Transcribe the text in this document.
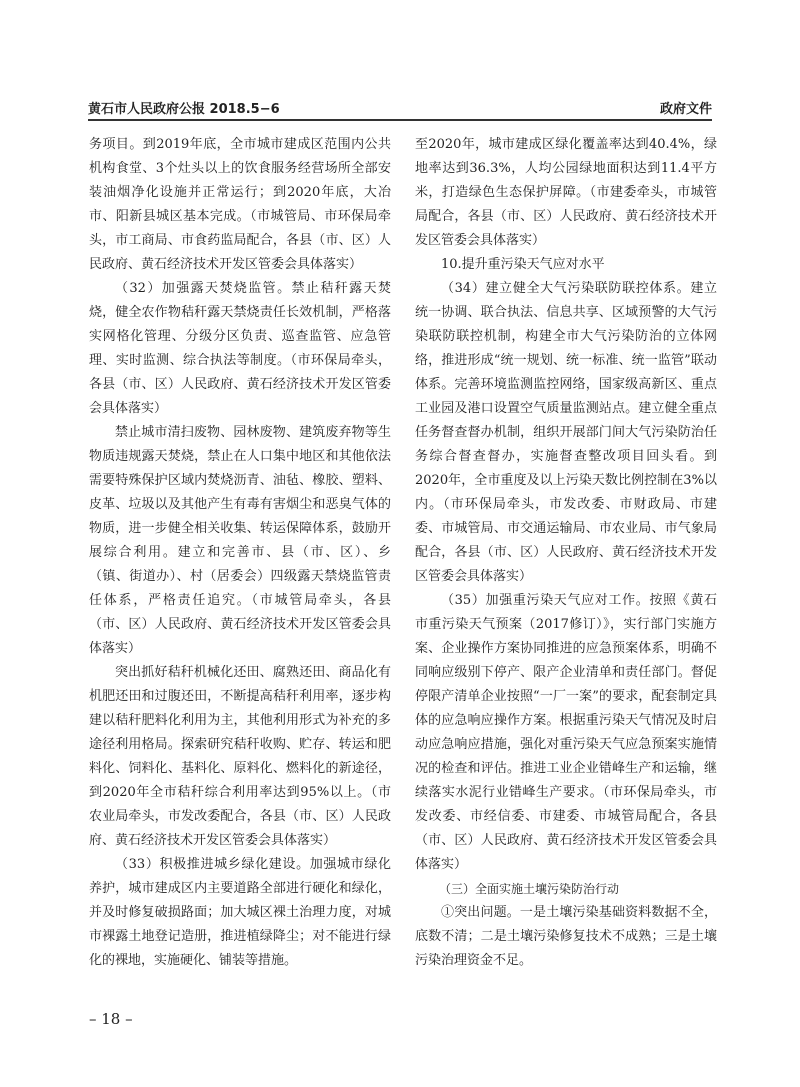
黄石市人民政府公报 2018.5−6	政府文件

务项目。到2019年底，全市城市建成区范围内公共机构食堂、3个灶头以上的饮食服务经营场所全部安装油烟净化设施并正常运行；到2020年底，大冶市、阳新县城区基本完成。（市城管局、市环保局牵头，市工商局、市食药监局配合，各县（市、区）人民政府、黄石经济技术开发区管委会具体落实）

（32）加强露天焚烧监管。禁止秸秆露天焚烧，健全农作物秸秆露天禁烧责任长效机制，严格落实网格化管理、分级分区负责、巡查监管、应急管理、实时监测、综合执法等制度。（市环保局牵头，各县（市、区）人民政府、黄石经济技术开发区管委会具体落实）

禁止城市清扫废物、园林废物、建筑废弃物等生物质违规露天焚烧，禁止在人口集中地区和其他依法需要特殊保护区域内焚烧沥青、油毡、橡胶、塑料、皮革、垃圾以及其他产生有毒有害烟尘和恶臭气体的物质，进一步健全相关收集、转运保障体系，鼓励开展综合利用。建立和完善市、县（市、区）、乡（镇、街道办）、村（居委会）四级露天禁烧监管责任体系，严格责任追究。（市城管局牵头，各县（市、区）人民政府、黄石经济技术开发区管委会具体落实）

突出抓好秸秆机械化还田、腐熟还田、商品化有机肥还田和过腹还田，不断提高秸秆利用率，逐步构建以秸秆肥料化利用为主，其他利用形式为补充的多途径利用格局。探索研究秸秆收购、贮存、转运和肥料化、饲料化、基料化、原料化、燃料化的新途径，到2020年全市秸秆综合利用率达到95%以上。（市农业局牵头，市发改委配合，各县（市、区）人民政府、黄石经济技术开发区管委会具体落实）

（33）积极推进城乡绿化建设。加强城市绿化养护，城市建成区内主要道路全部进行硬化和绿化，并及时修复破损路面；加大城区裸土治理力度，对城市裸露土地登记造册，推进植绿降尘；对不能进行绿化的裸地，实施硬化、铺装等措施。

至2020年，城市建成区绿化覆盖率达到40.4%，绿地率达到36.3%，人均公园绿地面积达到11.4平方米，打造绿色生态保护屏障。（市建委牵头，市城管局配合，各县（市、区）人民政府、黄石经济技术开发区管委会具体落实）

10.提升重污染天气应对水平

（34）建立健全大气污染联防联控体系。建立统一协调、联合执法、信息共享、区域预警的大气污染联防联控机制，构建全市大气污染防治的立体网络，推进形成“统一规划、统一标准、统一监管”联动体系。完善环境监测监控网络，国家级高新区、重点工业园及港口设置空气质量监测站点。建立健全重点任务督查督办机制，组织开展部门间大气污染防治任务综合督查督办，实施督查整改项目回头看。到2020年，全市重度及以上污染天数比例控制在3%以内。（市环保局牵头，市发改委、市财政局、市建委、市城管局、市交通运输局、市农业局、市气象局配合，各县（市、区）人民政府、黄石经济技术开发区管委会具体落实）

（35）加强重污染天气应对工作。按照《黄石市重污染天气预案（2017修订）》，实行部门实施方案、企业操作方案协同推进的应急预案体系，明确不同响应级别下停产、限产企业清单和责任部门。督促停限产清单企业按照“一厂一案”的要求，配套制定具体的应急响应操作方案。根据重污染天气情况及时启动应急响应措施，强化对重污染天气应急预案实施情况的检查和评估。推进工业企业错峰生产和运输，继续落实水泥行业错峰生产要求。（市环保局牵头，市发改委、市经信委、市建委、市城管局配合，各县（市、区）人民政府、黄石经济技术开发区管委会具体落实）

（三）全面实施土壤污染防治行动

①突出问题。一是土壤污染基础资料数据不全，底数不清；二是土壤污染修复技术不成熟；三是土壤污染治理资金不足。

– 18 –
